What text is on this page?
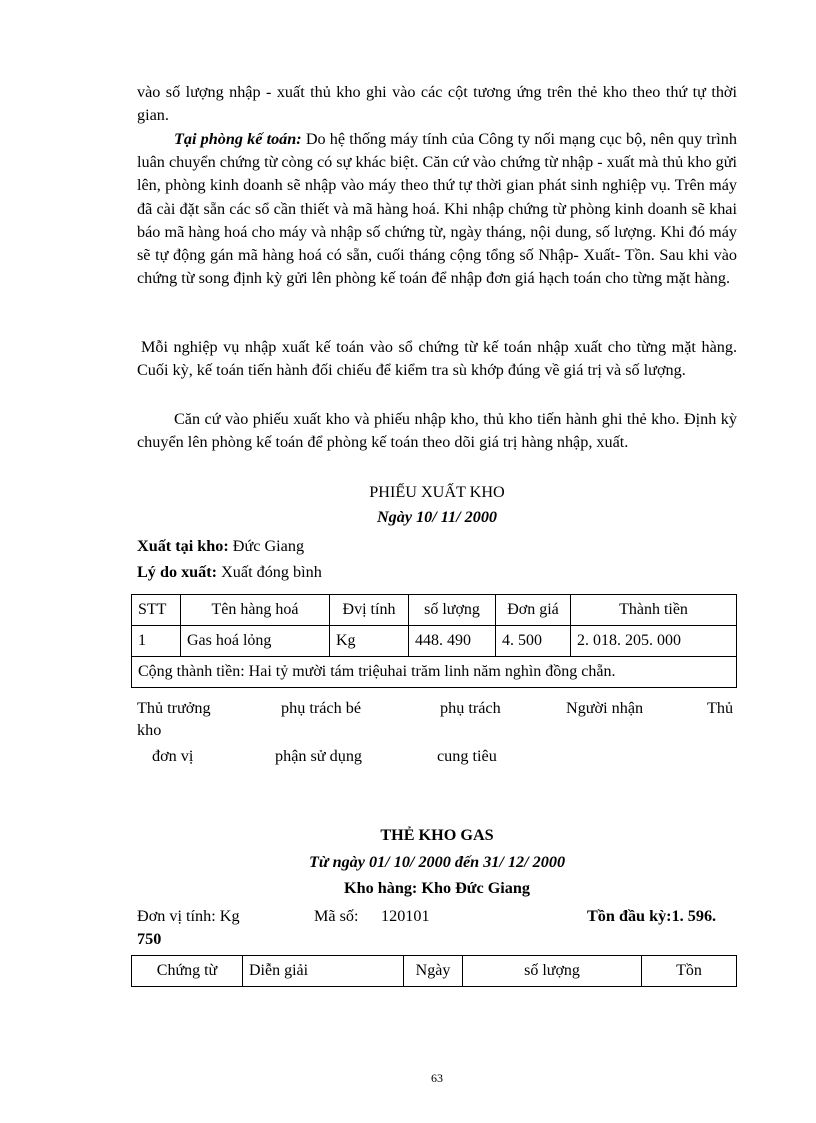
vào số lượng nhập - xuất thủ kho ghi vào các cột tương ứng trên thẻ kho theo thứ tự thời gian.

Tại phòng kế toán: Do hệ thống máy tính của Công ty nối mạng cục bộ, nên quy trình luân chuyển chứng từ còng có sự khác biệt. Căn cứ vào chứng từ nhập - xuất mà thủ kho gửi lên, phòng kinh doanh sẽ nhập vào máy theo thứ tự thời gian phát sinh nghiệp vụ. Trên máy đã cài đặt sẵn các sổ cần thiết và mã hàng hoá. Khi nhập chứng từ phòng kinh doanh sẽ khai báo mã hàng hoá cho máy và nhập số chứng từ, ngày tháng, nội dung, số lượng. Khi đó máy sẽ tự động gán mã hàng hoá có sẵn, cuối tháng cộng tổng số Nhập- Xuất- Tồn. Sau khi vào chứng từ song định kỳ gửi lên phòng kế toán để nhập đơn giá hạch toán cho từng mặt hàng.

Mỗi nghiệp vụ nhập xuất kế toán vào sổ chứng từ kế toán nhập xuất cho từng mặt hàng. Cuối kỳ, kế toán tiến hành đối chiếu để kiểm tra sù khớp đúng về giá trị và số lượng.

Căn cứ vào phiếu xuất kho và phiếu nhập kho, thủ kho tiến hành ghi thẻ kho. Định kỳ chuyển lên phòng kế toán để phòng kế toán theo dõi giá trị hàng nhập, xuất.

PHIẾU XUẤT KHO
Ngày 10/ 11/ 2000
Xuất tại kho: Đức Giang
Lý do xuất: Xuất đóng bình
STT	Tên hàng hoá	Đvị tính	số lượng	Đơn giá	Thành tiền
1	Gas hoá lỏng	Kg	448. 490	4. 500	2. 018. 205. 000
Cộng thành tiền: Hai tỷ mười tám triệuhai trăm linh năm nghìn đồng chẵn.					
Thủ trưởng
kho
đơn vị
phụ trách bé
phận sử dụng
phụ trách
cung tiêu
Người nhận	Thủ
THẺ KHO GAS
Từ ngày 01/ 10/ 2000 đến 31/ 12/ 2000
Kho hàng: Kho Đức Giang
Đơn vị tính: Kg	Mã số: 120101	Tồn đầu kỳ:1. 596.
750
Chứng từ	Diễn giải	Ngày	số lượng	Tồn
63
